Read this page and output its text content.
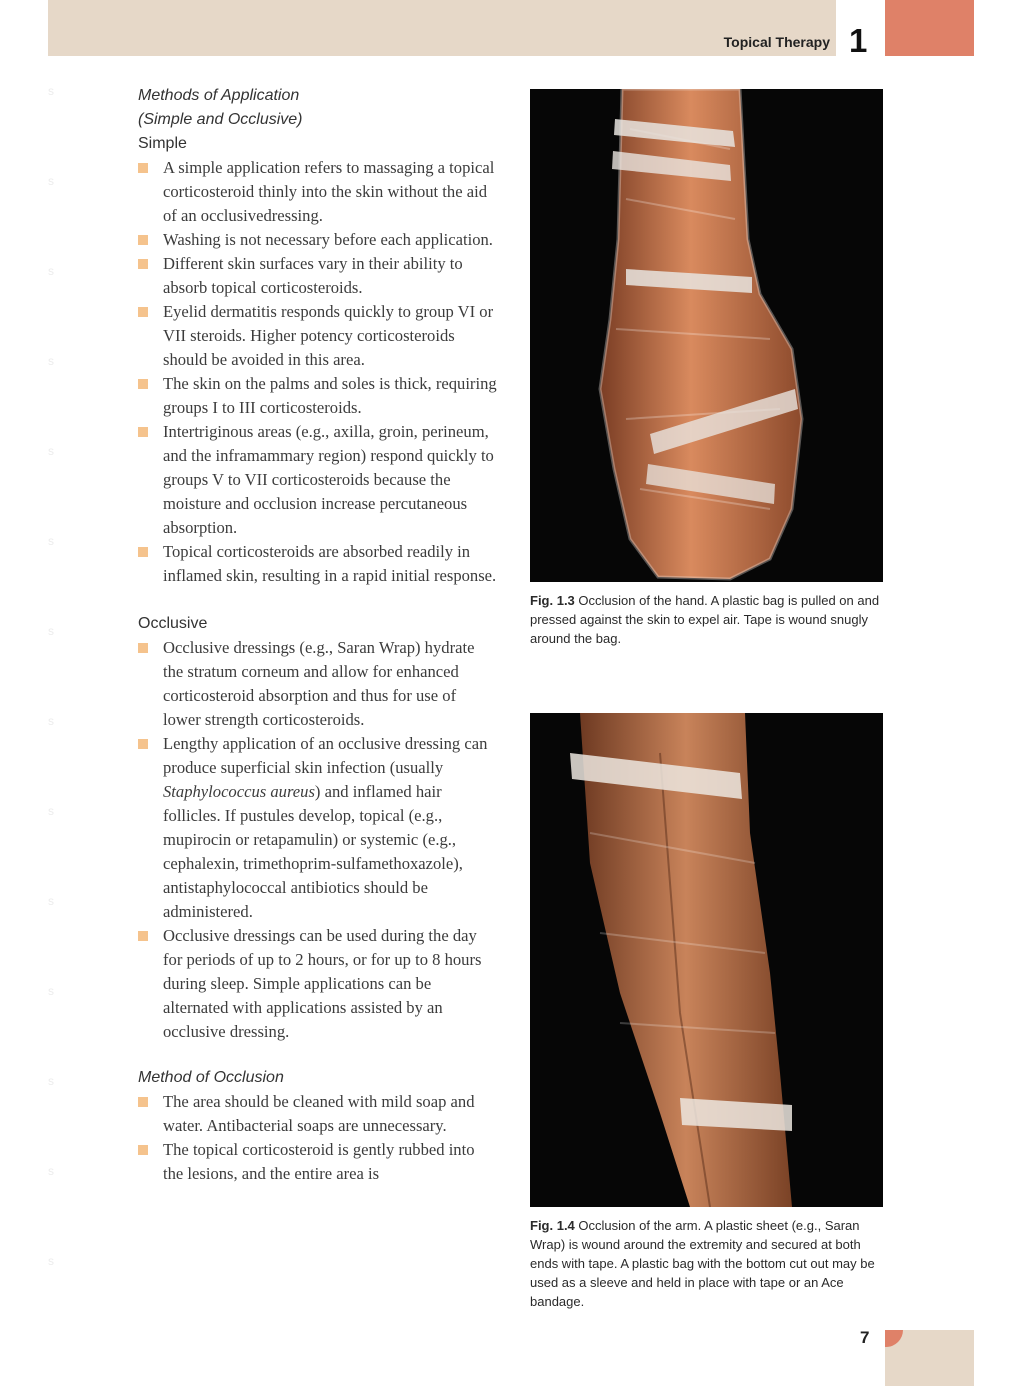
Topical Therapy 1
s
s
s
s
s
s
s
s
s
s
s
s
s
s
Methods of Application
(Simple and Occlusive)
Simple
A simple application refers to massaging a topical corticosteroid thinly into the skin without the aid of an occlusivedressing.
Washing is not necessary before each application.
Different skin surfaces vary in their ability to absorb topical corticosteroids.
Eyelid dermatitis responds quickly to group VI or VII steroids. Higher potency corticosteroids should be avoided in this area.
The skin on the palms and soles is thick, requiring groups I to III corticosteroids.
Intertriginous areas (e.g., axilla, groin, perineum, and the inframammary region) respond quickly to groups V to VII corticosteroids because the moisture and occlusion increase percutaneous absorption.
Topical corticosteroids are absorbed readily in inflamed skin, resulting in a rapid initial response.
Occlusive
Occlusive dressings (e.g., Saran Wrap) hydrate the stratum corneum and allow for enhanced corticosteroid absorption and thus for use of lower strength corticosteroids.
Lengthy application of an occlusive dressing can produce superficial skin infection (usually Staphylococcus aureus) and inflamed hair follicles. If pustules develop, topical (e.g., mupirocin or retapamulin) or systemic (e.g., cephalexin, trimethoprim-sulfamethoxazole), antistaphylococcal antibiotics should be administered.
Occlusive dressings can be used during the day for periods of up to 2 hours, or for up to 8 hours during sleep. Simple applications can be alternated with applications assisted by an occlusive dressing.
Method of Occlusion
The area should be cleaned with mild soap and water. Antibacterial soaps are unnecessary.
The topical corticosteroid is gently rubbed into the lesions, and the entire area is
Fig. 1.3 Occlusion of the hand. A plastic bag is pulled on and pressed against the skin to expel air. Tape is wound snugly around the bag.
Fig. 1.4 Occlusion of the arm. A plastic sheet (e.g., Saran Wrap) is wound around the extremity and secured at both ends with tape. A plastic bag with the bottom cut out may be used as a sleeve and held in place with tape or an Ace bandage.
7
